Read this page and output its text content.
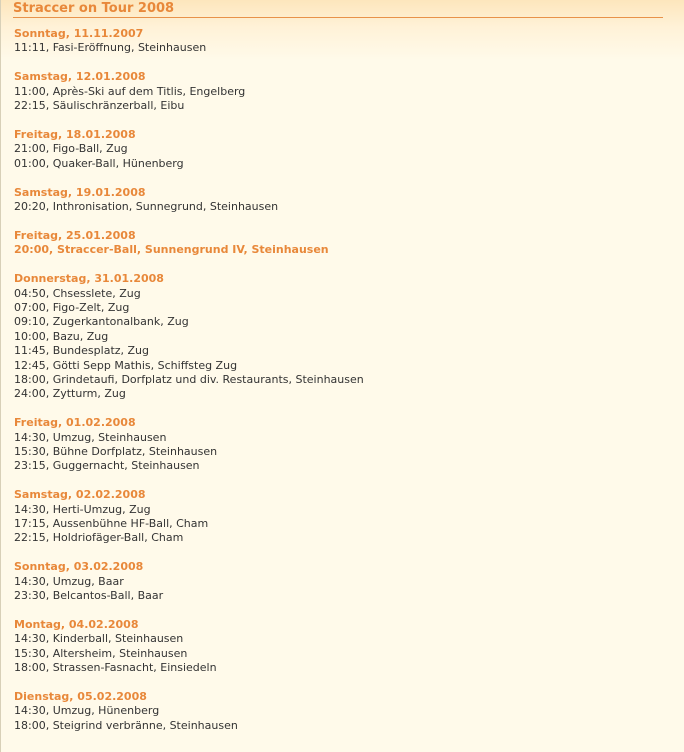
Straccer on Tour 2008
Sonntag, 11.11.2007
11:11, Fasi-Eröffnung, Steinhausen
Samstag, 12.01.2008
11:00, Après-Ski auf dem Titlis, Engelberg
22:15, Säulischränzerball, Eibu
Freitag, 18.01.2008
21:00, Figo-Ball, Zug
01:00, Quaker-Ball, Hünenberg
Samstag, 19.01.2008
20:20, Inthronisation, Sunnegrund, Steinhausen
Freitag, 25.01.2008
20:00, Straccer-Ball, Sunnengrund IV, Steinhausen
Donnerstag, 31.01.2008
04:50, Chsesslete, Zug
07:00, Figo-Zelt, Zug
09:10, Zugerkantonalbank, Zug
10:00, Bazu, Zug
11:45, Bundesplatz, Zug
12:45, Götti Sepp Mathis, Schiffsteg Zug
18:00, Grindetaufi, Dorfplatz und div. Restaurants, Steinhausen
24:00, Zytturm, Zug
Freitag, 01.02.2008
14:30, Umzug, Steinhausen
15:30, Bühne Dorfplatz, Steinhausen
23:15, Guggernacht, Steinhausen
Samstag, 02.02.2008
14:30, Herti-Umzug, Zug
17:15, Aussenbühne HF-Ball, Cham
22:15, Holdriofäger-Ball, Cham
Sonntag, 03.02.2008
14:30, Umzug, Baar
23:30, Belcantos-Ball, Baar
Montag, 04.02.2008
14:30, Kinderball, Steinhausen
15:30, Altersheim, Steinhausen
18:00, Strassen-Fasnacht, Einsiedeln
Dienstag, 05.02.2008
14:30, Umzug, Hünenberg
18:00, Steigrind verbränne, Steinhausen
